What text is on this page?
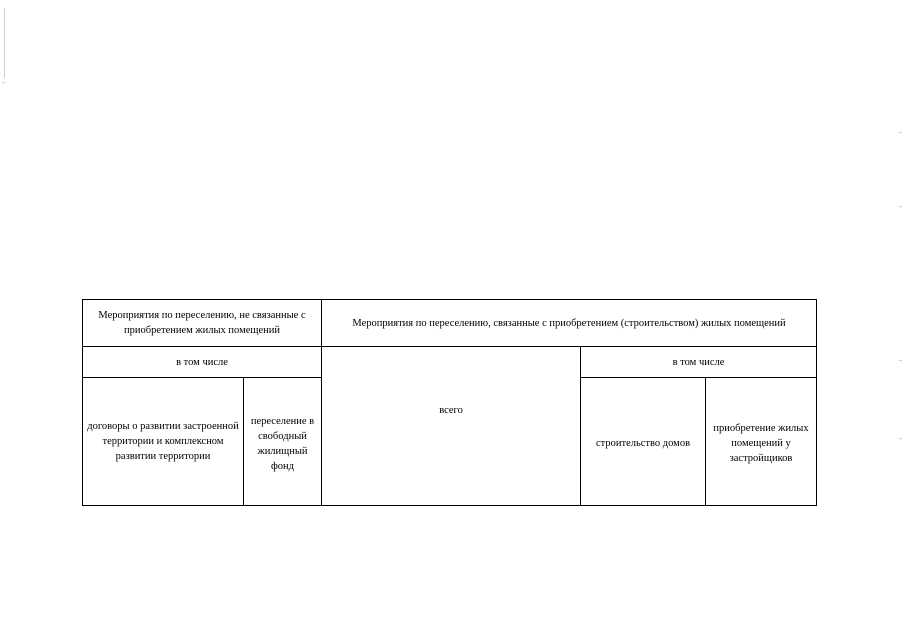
Мероприятия по переселению, не связанные с приобретением жилых помещений		Мероприятия по переселению, связанные с приобретением (строительством) жилых помещений		

в том числе		всего	в том числе	

договоры о развитии застроенной территории и комплексном развитии территории	переселение в свободный жилищный фонд		строительство домов	приобретение жилых помещений у застройщиков
